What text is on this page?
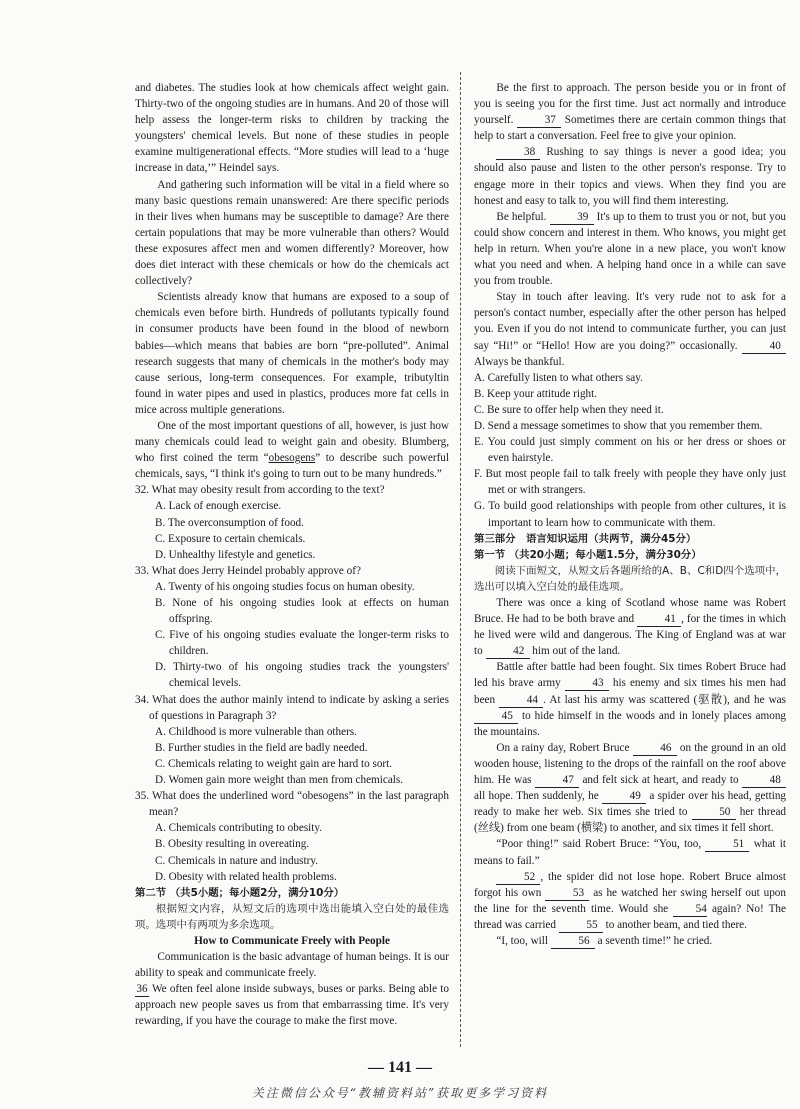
and diabetes. The studies look at how chemicals affect weight gain. Thirty-two of the ongoing studies are in humans. And 20 of those will help assess the longer-term risks to children by tracking the youngsters' chemical levels. But none of these studies in people examine multigenerational effects. “More studies will lead to a ‘huge increase in data,’” Heindel says.

And gathering such information will be vital in a field where so many basic questions remain unanswered: Are there specific periods in their lives when humans may be susceptible to damage? Are there certain populations that may be more vulnerable than others? Would these exposures affect men and women differently? Moreover, how does diet interact with these chemicals or how do the chemicals act collectively?

Scientists already know that humans are exposed to a soup of chemicals even before birth. Hundreds of pollutants typically found in consumer products have been found in the blood of newborn babies—which means that babies are born “pre-polluted”. Animal research suggests that many of chemicals in the mother's body may cause serious, long-term consequences. For example, tributyltin found in water pipes and used in plastics, produces more fat cells in mice across multiple generations.

One of the most important questions of all, however, is just how many chemicals could lead to weight gain and obesity. Blumberg, who first coined the term “obesogens” to describe such powerful chemicals, says, “I think it's going to turn out to be many hundreds.”

32. What may obesity result from according to the text?

A. Lack of enough exercise.

B. The overconsumption of food.

C. Exposure to certain chemicals.

D. Unhealthy lifestyle and genetics.

33. What does Jerry Heindel probably approve of?

A. Twenty of his ongoing studies focus on human obesity.

B. None of his ongoing studies look at effects on human offspring.

C. Five of his ongoing studies evaluate the longer-term risks to children.

D. Thirty-two of his ongoing studies track the youngsters' chemical levels.

34. What does the author mainly intend to indicate by asking a series of questions in Paragraph 3?

A. Childhood is more vulnerable than others.

B. Further studies in the field are badly needed.

C. Chemicals relating to weight gain are hard to sort.

D. Women gain more weight than men from chemicals.

35. What does the underlined word “obesogens” in the last paragraph mean?

A. Chemicals contributing to obesity.

B. Obesity resulting in overeating.

C. Chemicals in nature and industry.

D. Obesity with related health problems.

第二节 （共5小题；每小题2分，满分10分）

根据短文内容，从短文后的选项中选出能填入空白处的最佳选项。选项中有两项为多余选项。

How to Communicate Freely with People

Communication is the basic advantage of human beings. It is our ability to speak and communicate freely.

36 We often feel alone inside subways, buses or parks. Being able to approach new people saves us from that embarrassing time. It's very rewarding, if you have the courage to make the first move.

Be the first to approach. The person beside you or in front of you is seeing you for the first time. Just act normally and introduce yourself.	37 Sometimes there are certain common things that help to start a conversation. Feel free to give your opinion.

38 Rushing to say things is never a good idea; you should also pause and listen to the other person's response. Try to engage more in their topics and views. When they find you are honest and easy to talk to, you will find them interesting.

Be helpful.	39 It's up to them to trust you or not, but you could show concern and interest in them. Who knows, you might get help in return. When you're alone in a new place, you won't know what you need and when. A helping hand once in a while can save you from trouble.

Stay in touch after leaving. It's very rude not to ask for a person's contact number, especially after the other person has helped you. Even if you do not intend to communicate further, you can just say “Hi!” or “Hello! How are you doing?” occasionally.	40 Always be thankful.

A. Carefully listen to what others say.

B. Keep your attitude right.

C. Be sure to offer help when they need it.

D. Send a message sometimes to show that you remember them.

E. You could just simply comment on his or her dress or shoes or even hairstyle.

F. But most people fail to talk freely with people they have only just met or with strangers.

G. To build good relationships with people from other cultures, it is important to learn how to communicate with them.

第三部分　语言知识运用（共两节，满分45分）

第一节 （共20小题；每小题1.5分，满分30分）

阅读下面短文，从短文后各题所给的A、B、C和D四个选项中，选出可以填入空白处的最佳选项。

There was once a king of Scotland whose name was Robert Bruce. He had to be both brave and	41 , for the times in which he lived were wild and dangerous. The King of England was at war to	42 him out of the land.

Battle after battle had been fought. Six times Robert Bruce had led his brave army	43 his enemy and six times his men had been	44 . At last his army was scattered (驱散), and he was 45 to hide himself in the woods and in lonely places among the mountains.

On a rainy day, Robert Bruce	46 on the ground in an old wooden house, listening to the drops of the rainfall on the roof above him. He was	47 and felt sick at heart, and ready to	48 all hope. Then suddenly, he	49 a spider over his head, getting ready to make her web. Six times she tried to	50 her thread (丝线) from one beam (横梁) to another, and six times it fell short.

“Poor thing!” said Robert Bruce: “You, too,	51 what it means to fail.”

52 , the spider did not lose hope. Robert Bruce almost forgot his own	53 as he watched her swing herself out upon the line for the seventh time. Would she 54 again? No! The thread was carried	55 to another beam, and tied there.

“I, too, will	56 a seventh time!” he cried.

— 141 —
关注微信公众号“教辅资料站”获取更多学习资料
